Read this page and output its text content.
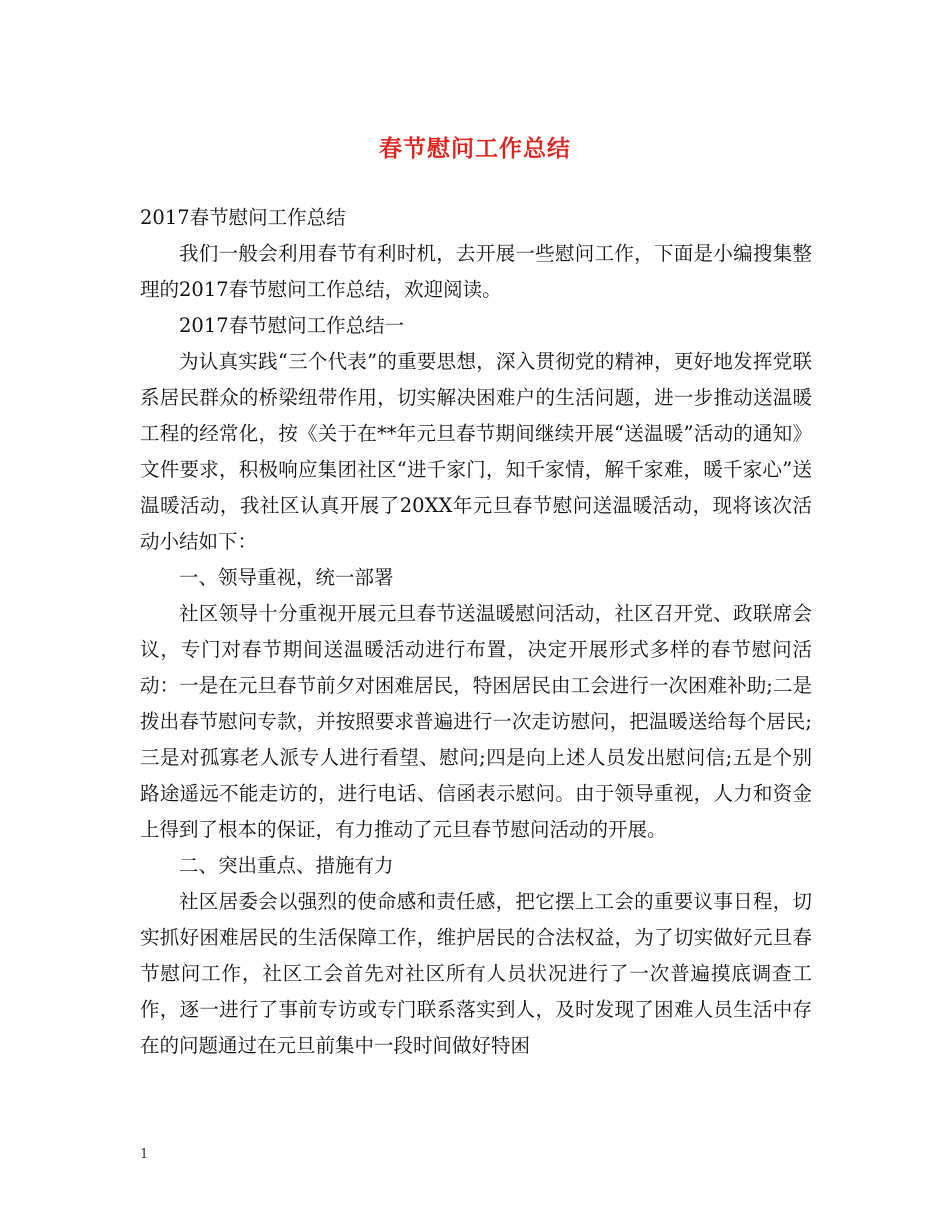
春节慰问工作总结

2017春节慰问工作总结

我们一般会利用春节有利时机，去开展一些慰问工作，下面是小编搜集整理的2017春节慰问工作总结，欢迎阅读。

2017春节慰问工作总结一

为认真实践“三个代表”的重要思想，深入贯彻党的精神，更好地发挥党联系居民群众的桥梁纽带作用，切实解决困难户的生活问题，进一步推动送温暖工程的经常化，按《关于在**年元旦春节期间继续开展“送温暖”活动的通知》文件要求，积极响应集团社区“进千家门，知千家情，解千家难，暖千家心”送温暖活动，我社区认真开展了20XX年元旦春节慰问送温暖活动，现将该次活动小结如下：

一、领导重视，统一部署

社区领导十分重视开展元旦春节送温暖慰问活动，社区召开党、政联席会议，专门对春节期间送温暖活动进行布置，决定开展形式多样的春节慰问活动：一是在元旦春节前夕对困难居民，特困居民由工会进行一次困难补助;二是拨出春节慰问专款，并按照要求普遍进行一次走访慰问，把温暖送给每个居民;三是对孤寡老人派专人进行看望、慰问;四是向上述人员发出慰问信;五是个别路途遥远不能走访的，进行电话、信函表示慰问。由于领导重视，人力和资金上得到了根本的保证，有力推动了元旦春节慰问活动的开展。

二、突出重点、措施有力

社区居委会以强烈的使命感和责任感，把它摆上工会的重要议事日程，切实抓好困难居民的生活保障工作，维护居民的合法权益，为了切实做好元旦春节慰问工作，社区工会首先对社区所有人员状况进行了一次普遍摸底调查工作，逐一进行了事前专访或专门联系落实到人，及时发现了困难人员生活中存在的问题通过在元旦前集中一段时间做好特困

1
